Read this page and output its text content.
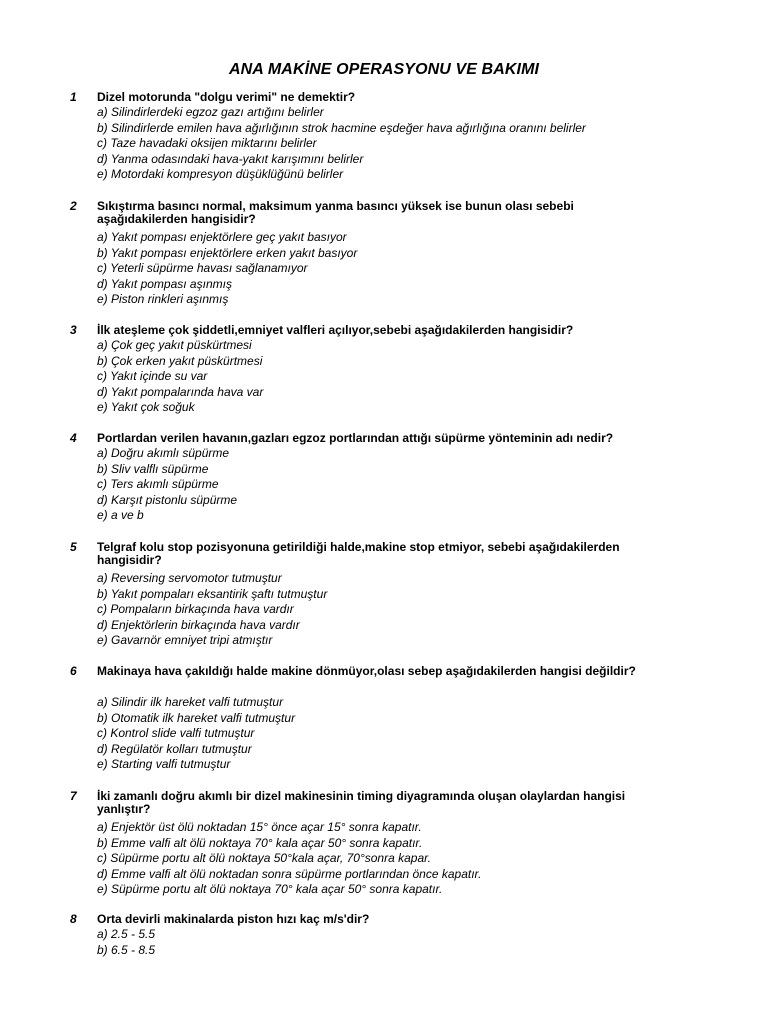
ANA MAKİNE OPERASYONU VE BAKIMI
1 Dizel motorunda "dolgu verimi" ne demektir?
a) Silindirlerdeki egzoz gazı artığını belirler
b) Silindirlerde emilen hava ağırlığının strok hacmine eşdeğer hava ağırlığına oranını belirler
c) Taze havadaki oksijen miktarını belirler
d) Yanma odasındaki hava-yakıt karışımını belirler
e) Motordaki kompresyon düşüklüğünü belirler
2 Sıkıştırma basıncı normal, maksimum yanma basıncı yüksek ise bunun olası sebebi aşağıdakilerden hangisidir?
a) Yakıt pompası enjektörlere geç yakıt basıyor
b) Yakıt pompası enjektörlere erken yakıt basıyor
c) Yeterli süpürme havası sağlanamıyor
d) Yakıt pompası aşınmış
e) Piston rinkleri aşınmış
3 İlk ateşleme çok şiddetli,emniyet valfleri açılıyor,sebebi aşağıdakilerden hangisidir?
a) Çok geç yakıt püskürtmesi
b) Çok erken yakıt püskürtmesi
c) Yakıt içinde su var
d) Yakıt pompalarında hava var
e) Yakıt çok soğuk
4 Portlardan verilen havanın,gazları egzoz portlarından attığı süpürme yönteminin adı nedir?
a) Doğru akımlı süpürme
b) Sliv valflı süpürme
c) Ters akımlı süpürme
d) Karşıt pistonlu süpürme
e) a ve b
5 Telgraf kolu stop pozisyonuna getirildiği halde,makine stop etmiyor, sebebi aşağıdakilerden hangisidir?
a) Reversing servomotor tutmuştur
b) Yakıt pompaları eksantirik şaftı tutmuştur
c) Pompaların birkaçında hava vardır
d) Enjektörlerin birkaçında hava vardır
e) Gavarnör emniyet tripi atmıştır
6 Makinaya hava çakıldığı halde makine dönmüyor,olası sebep aşağıdakilerden hangisi değildir?
a) Silindir ilk hareket valfi tutmuştur
b) Otomatik ilk hareket valfi tutmuştur
c) Kontrol slide valfi tutmuştur
d) Regülatör kolları tutmuştur
e) Starting valfi tutmuştur
7 İki zamanlı doğru akımlı bir dizel makinesinin timing diyagramında oluşan olaylardan hangisi yanlıştır?
a) Enjektör üst ölü noktadan 15° önce açar 15° sonra kapatır.
b) Emme valfi alt ölü noktaya 70° kala açar 50° sonra kapatır.
c) Süpürme portu alt ölü noktaya 50°kala açar, 70°sonra kapar.
d) Emme valfi alt ölü noktadan sonra süpürme portlarından önce kapatır.
e) Süpürme portu alt ölü noktaya 70° kala açar 50° sonra kapatır.
8 Orta devirli makinalarda piston hızı kaç m/s'dir?
a) 2.5 - 5.5
b) 6.5 - 8.5
